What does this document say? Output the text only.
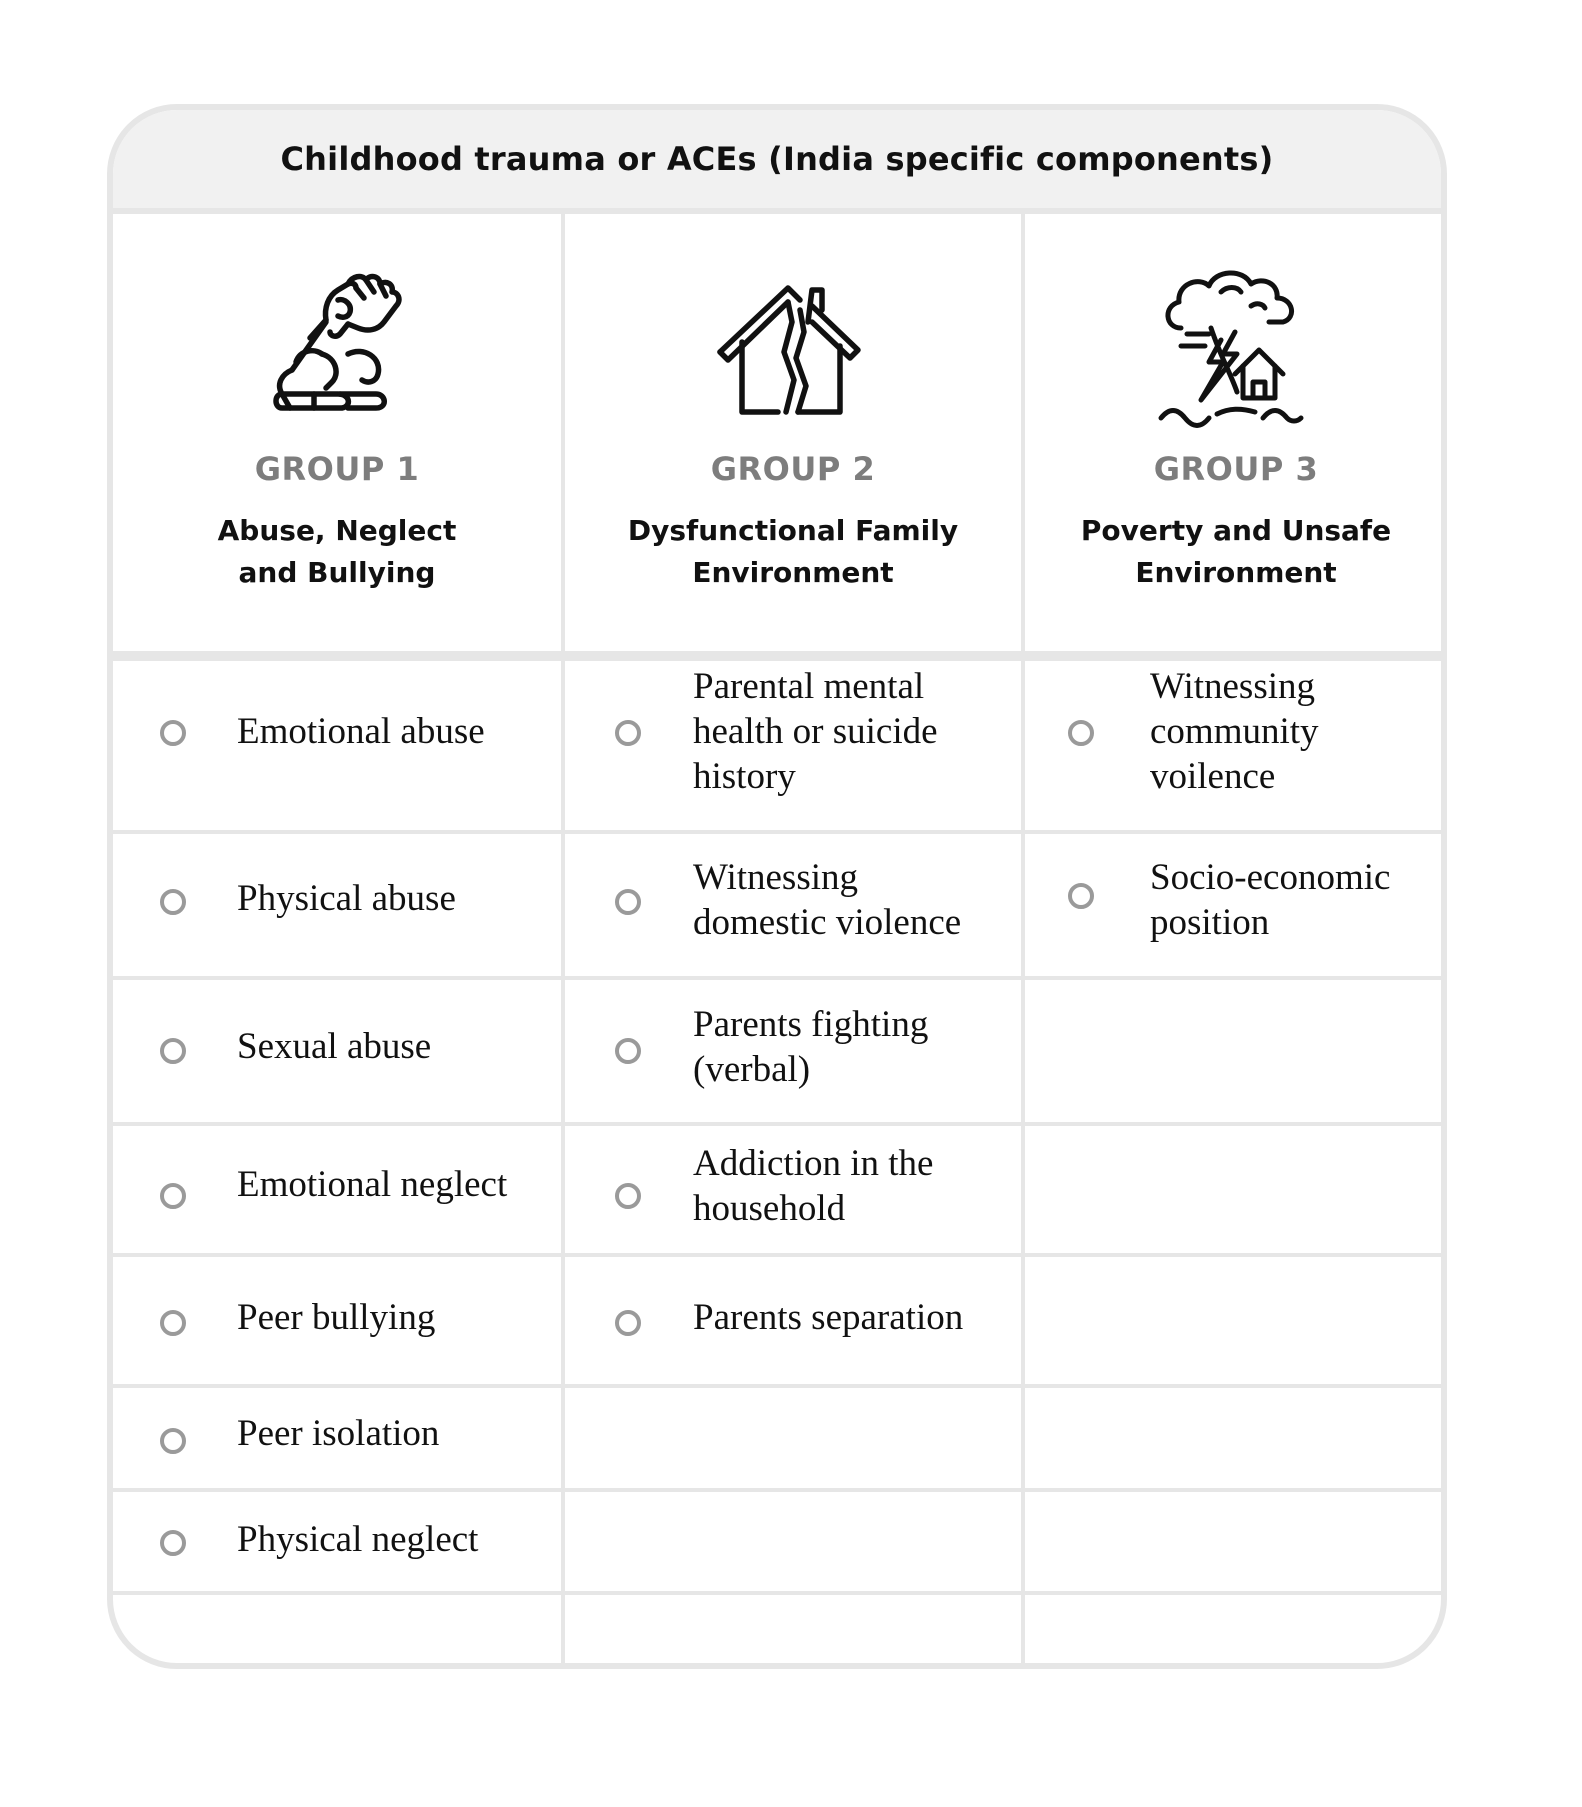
Childhood trauma or ACEs (India specific components)
GROUP 1
Abuse, Neglect
and Bullying
GROUP 2
Dysfunctional Family
Environment
GROUP 3
Poverty and Unsafe
Environment
Emotional abuse
Physical abuse
Sexual abuse
Emotional neglect
Peer bullying
Peer isolation
Physical neglect
Parental mental
health or suicide
history
Witnessing
domestic violence
Parents fighting
(verbal)
Addiction in the
household
Parents separation
Witnessing
community
voilence
Socio-economic
position
